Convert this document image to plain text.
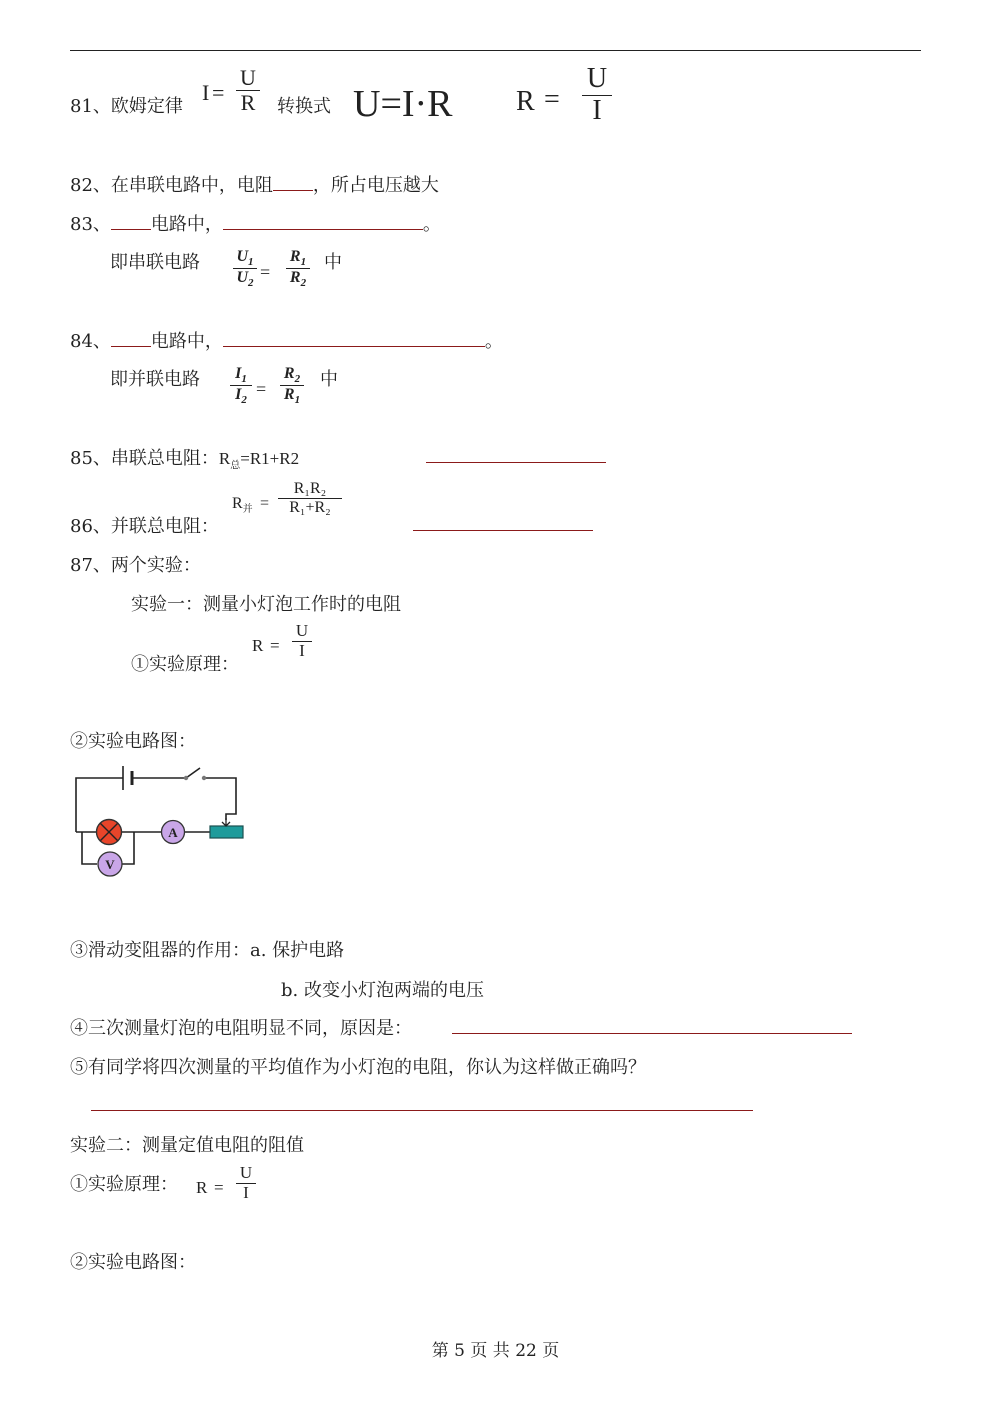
81、欧姆定律
I =
U
R 转换式 U=I·R R =
U
I
82、在串联电路中，电阻 ，所占电压越大
83、 电路中，	。
即串联电路 $U_1$
$U_2$
=
$R_1$
$R_2$
中
84、 电路中，	。
即并联电路	$I_1$
$I_2$
=
$R_2$
$R_1$
中
85、串联总电阻：$R_总=R1+R2$
86、并联总电阻：
$R_并$ =
R₁R₂
R₁+R₂
87、两个实验：
实验一：测量小灯泡工作时的电阻
①实验原理：
R =
U
I
②实验电路图：
A
V
③滑动变阻器的作用：a. 保护电路
b. 改变小灯泡两端的电压
④三次测量灯泡的电阻明显不同，原因是：
⑤有同学将四次测量的平均值作为小灯泡的电阻，你认为这样做正确吗？
实验二：测量定值电阻的阻值
①实验原理： R =
U
I
②实验电路图：
第 5 页 共 22 页
